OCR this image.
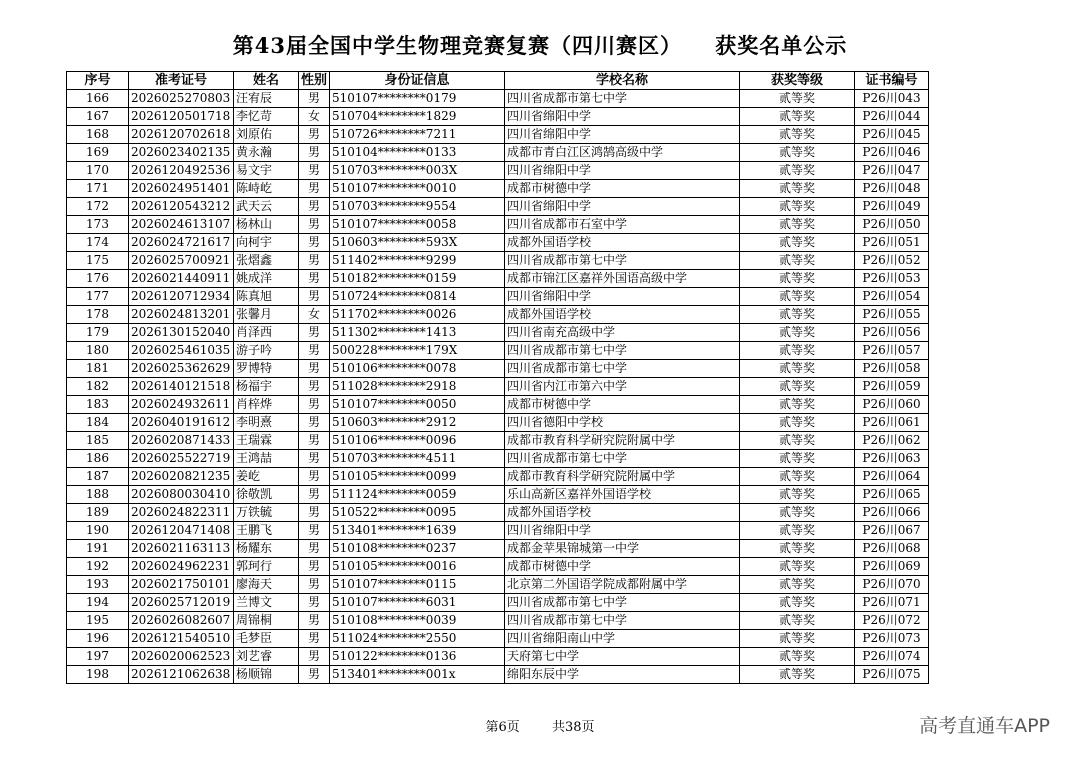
第43届全国中学生物理竞赛复赛（四川赛区）    获奖名单公示
序号	准考证号	姓名	性别	身份证信息	学校名称	获奖等级	证书编号
166	2026025270803	汪宥辰	男	510107********0179	四川省成都市第七中学	贰等奖	P26川043
167	2026120501718	李忆苛	女	510704********1829	四川省绵阳中学	贰等奖	P26川044
168	2026120702618	刘原佑	男	510726********7211	四川省绵阳中学	贰等奖	P26川045
169	2026023402135	黄永瀚	男	510104********0133	成都市青白江区鸿鹄高级中学	贰等奖	P26川046
170	2026120492536	易文宇	男	510703********003X	四川省绵阳中学	贰等奖	P26川047
171	2026024951401	陈峙屹	男	510107********0010	成都市树德中学	贰等奖	P26川048
172	2026120543212	武天云	男	510703********9554	四川省绵阳中学	贰等奖	P26川049
173	2026024613107	杨林山	男	510107********0058	四川省成都市石室中学	贰等奖	P26川050
174	2026024721617	向柯宇	男	510603********593X	成都外国语学校	贰等奖	P26川051
175	2026025700921	张熠鑫	男	511402********9299	四川省成都市第七中学	贰等奖	P26川052
176	2026021440911	姚成洋	男	510182********0159	成都市锦江区嘉祥外国语高级中学	贰等奖	P26川053
177	2026120712934	陈真旭	男	510724********0814	四川省绵阳中学	贰等奖	P26川054
178	2026024813201	张馨月	女	511702********0026	成都外国语学校	贰等奖	P26川055
179	2026130152040	肖泽西	男	511302********1413	四川省南充高级中学	贰等奖	P26川056
180	2026025461035	游子吟	男	500228********179X	四川省成都市第七中学	贰等奖	P26川057
181	2026025362629	罗博特	男	510106********0078	四川省成都市第七中学	贰等奖	P26川058
182	2026140121518	杨福宇	男	511028********2918	四川省内江市第六中学	贰等奖	P26川059
183	2026024932611	肖梓烨	男	510107********0050	成都市树德中学	贰等奖	P26川060
184	2026040191612	李明熹	男	510603********2912	四川省德阳中学校	贰等奖	P26川061
185	2026020871433	王瑞霖	男	510106********0096	成都市教育科学研究院附属中学	贰等奖	P26川062
186	2026025522719	王鸿喆	男	510703********4511	四川省成都市第七中学	贰等奖	P26川063
187	2026020821235	姜屹	男	510105********0099	成都市教育科学研究院附属中学	贰等奖	P26川064
188	2026080030410	徐敬凯	男	511124********0059	乐山高新区嘉祥外国语学校	贰等奖	P26川065
189	2026024822311	万铁毓	男	510522********0095	成都外国语学校	贰等奖	P26川066
190	2026120471408	王鹏飞	男	513401********1639	四川省绵阳中学	贰等奖	P26川067
191	2026021163113	杨耀东	男	510108********0237	成都金苹果锦城第一中学	贰等奖	P26川068
192	2026024962231	郭珂行	男	510105********0016	成都市树德中学	贰等奖	P26川069
193	2026021750101	廖海天	男	510107********0115	北京第二外国语学院成都附属中学	贰等奖	P26川070
194	2026025712019	兰博文	男	510107********6031	四川省成都市第七中学	贰等奖	P26川071
195	2026026082607	周锦桐	男	510108********0039	四川省成都市第七中学	贰等奖	P26川072
196	2026121540510	毛梦臣	男	511024********2550	四川省绵阳南山中学	贰等奖	P26川073
197	2026020062523	刘艺睿	男	510122********0136	天府第七中学	贰等奖	P26川074
198	2026121062638	杨顺锦	男	513401********001x	绵阳东辰中学	贰等奖	P26川075
第6页 共38页	高考直通车APP
